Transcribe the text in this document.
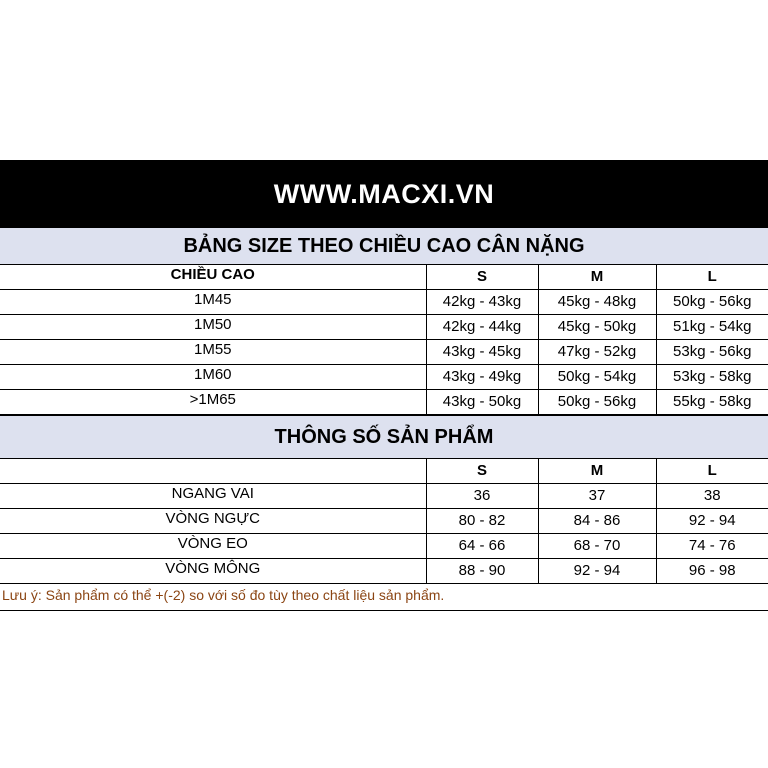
WWW.MACXI.VN
BẢNG SIZE THEO CHIỀU CAO CÂN NẶNG
CHIỀU CAO	S	M	L
1M45	42kg - 43kg	45kg - 48kg	50kg - 56kg
1M50	42kg - 44kg	45kg - 50kg	51kg - 54kg
1M55	43kg - 45kg	47kg - 52kg	53kg - 56kg
1M60	43kg - 49kg	50kg - 54kg	53kg - 58kg
>1M65	43kg - 50kg	50kg - 56kg	55kg - 58kg
THÔNG SỐ SẢN PHẨM
	S	M	L
NGANG VAI	36	37	38
VÒNG NGỰC	80 - 82	84 - 86	92 - 94
VÒNG EO	64 - 66	68 - 70	74 - 76
VÒNG MÔNG	88 - 90	92 - 94	96 - 98
Lưu ý: Sản phẩm có thể +(-2) so với số đo tùy theo chất liệu sản phẩm.
